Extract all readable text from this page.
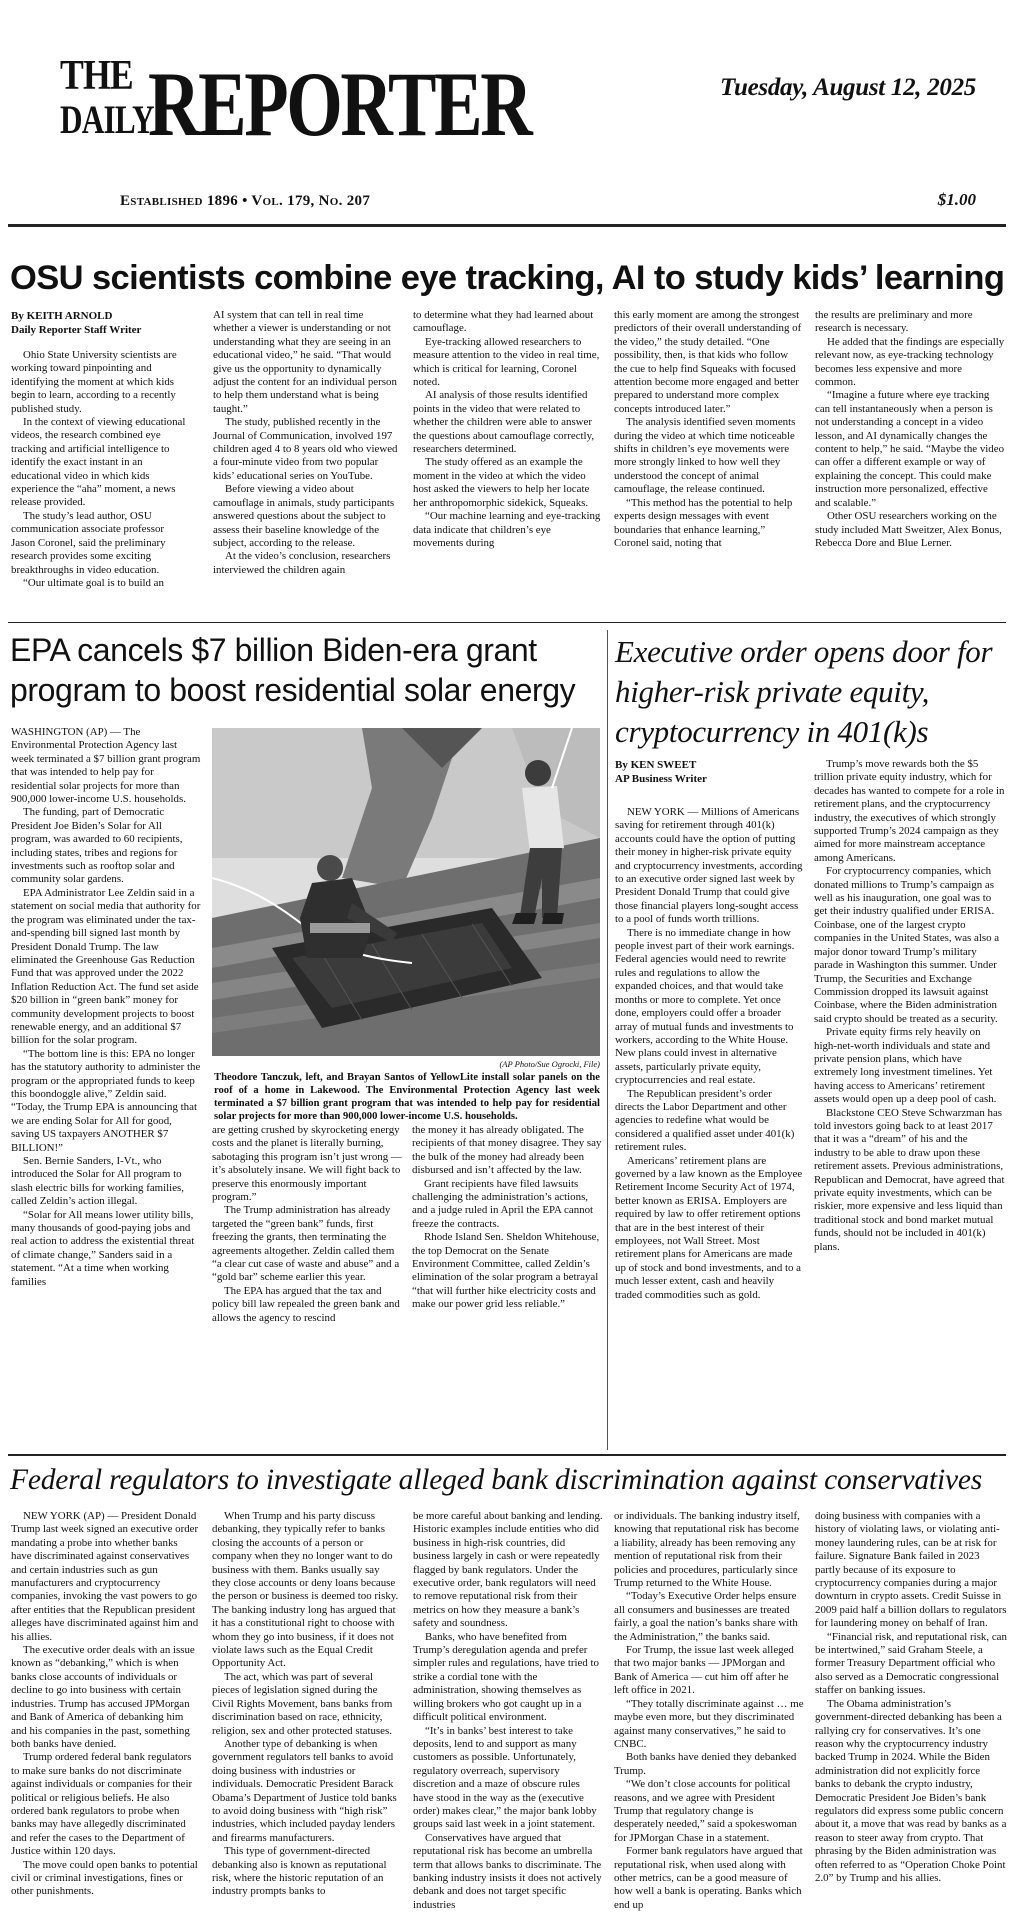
THE
DAILY
REPORTER
Established 1896 • Vol. 179, No. 207
Tuesday, August 12, 2025
$1.00
OSU scientists combine eye tracking, AI to study kids’ learning
By KEITH ARNOLD
Daily Reporter Staff Writer

Ohio State University scientists are working toward pinpointing and identifying the moment at which kids begin to learn, according to a recently published study.

In the context of viewing educational videos, the research combined eye tracking and artificial intelligence to identify the exact instant in an educational video in which kids experience the “aha” moment, a news release provided.

The study’s lead author, OSU communication associate professor Jason Coronel, said the preliminary research provides some exciting breakthroughs in video education.

“Our ultimate goal is to build an

AI system that can tell in real time whether a viewer is understanding or not understanding what they are seeing in an educational video,” he said. “That would give us the opportunity to dynamically adjust the content for an individual person to help them understand what is being taught.”

The study, published recently in the Journal of Communication, involved 197 children aged 4 to 8 years old who viewed a four-minute video from two popular kids’ educational series on YouTube.

Before viewing a video about camouflage in animals, study participants answered questions about the subject to assess their baseline knowledge of the subject, according to the release.

At the video’s conclusion, researchers interviewed the children again

to determine what they had learned about camouflage.

Eye-tracking allowed researchers to measure attention to the video in real time, which is critical for learning, Coronel noted.

AI analysis of those results identified points in the video that were related to whether the children were able to answer the questions about camouflage correctly, researchers determined.

The study offered as an example the moment in the video at which the video host asked the viewers to help her locate her anthropomorphic sidekick, Squeaks.

“Our machine learning and eye-tracking data indicate that children’s eye movements during

this early moment are among the strongest predictors of their overall understanding of the video,” the study detailed. “One possibility, then, is that kids who follow the cue to help find Squeaks with focused attention become more engaged and better prepared to understand more complex concepts introduced later.”

The analysis identified seven moments during the video at which time noticeable shifts in children’s eye movements were more strongly linked to how well they understood the concept of animal camouflage, the release continued.

“This method has the potential to help experts design messages with event boundaries that enhance learning,” Coronel said, noting that

the results are preliminary and more research is necessary.

He added that the findings are especially relevant now, as eye-tracking technology becomes less expensive and more common.

“Imagine a future where eye tracking can tell instantaneously when a person is not understanding a concept in a video lesson, and AI dynamically changes the content to help,” he said. “Maybe the video can offer a different example or way of explaining the concept. This could make instruction more personalized, effective and scalable.”

Other OSU researchers working on the study included Matt Sweitzer, Alex Bonus, Rebecca Dore and Blue Lerner.

EPA cancels $7 billion Biden-era grant program to boost residential solar energy

WASHINGTON (AP) — The Environmental Protection Agency last week terminated a $7 billion grant program that was intended to help pay for residential solar projects for more than 900,000 lower-income U.S. households.

The funding, part of Democratic President Joe Biden’s Solar for All program, was awarded to 60 recipients, including states, tribes and regions for investments such as rooftop solar and community solar gardens.

EPA Administrator Lee Zeldin said in a statement on social media that authority for the program was eliminated under the tax-and-spending bill signed last month by President Donald Trump. The law eliminated the Greenhouse Gas Reduction Fund that was approved under the 2022 Inflation Reduction Act. The fund set aside $20 billion in “green bank” money for community development projects to boost renewable energy, and an additional $7 billion for the solar program.

“The bottom line is this: EPA no longer has the statutory authority to administer the program or the appropriated funds to keep this boondoggle alive,” Zeldin said. “Today, the Trump EPA is announcing that we are ending Solar for All for good, saving US taxpayers ANOTHER $7 BILLION!”

Sen. Bernie Sanders, I-Vt., who introduced the Solar for All program to slash electric bills for working families, called Zeldin’s action illegal.

“Solar for All means lower utility bills, many thousands of good-paying jobs and real action to address the existential threat of climate change,” Sanders said in a statement. “At a time when working families

(AP Photo/Sue Ogrocki, File)
Theodore Tanczuk, left, and Brayan Santos of YellowLite install solar panels on the roof of a home in Lakewood. The Environmental Protection Agency last week terminated a $7 billion grant program that was intended to help pay for residential solar projects for more than 900,000 lower-income U.S. households.

are getting crushed by skyrocketing energy costs and the planet is literally burning, sabotaging this program isn’t just wrong — it’s absolutely insane. We will fight back to preserve this enormously important program.”

The Trump administration has already targeted the “green bank” funds, first freezing the grants, then terminating the agreements altogether. Zeldin called them “a clear cut case of waste and abuse” and a “gold bar” scheme earlier this year.

The EPA has argued that the tax and policy bill law repealed the green bank and allows the agency to rescind

the money it has already obligated. The recipients of that money disagree. They say the bulk of the money had already been disbursed and isn’t affected by the law.

Grant recipients have filed lawsuits challenging the administration’s actions, and a judge ruled in April the EPA cannot freeze the contracts.

Rhode Island Sen. Sheldon Whitehouse, the top Democrat on the Senate Environment Committee, called Zeldin’s elimination of the solar program a betrayal “that will further hike electricity costs and make our power grid less reliable.”

Executive order opens door for higher-risk private equity, cryptocurrency in 401(k)s
By KEN SWEET
AP Business Writer

NEW YORK — Millions of Americans saving for retirement through 401(k) accounts could have the option of putting their money in higher-risk private equity and cryptocurrency investments, according to an executive order signed last week by President Donald Trump that could give those financial players long-sought access to a pool of funds worth trillions.

There is no immediate change in how people invest part of their work earnings. Federal agencies would need to rewrite rules and regulations to allow the expanded choices, and that would take months or more to complete. Yet once done, employers could offer a broader array of mutual funds and investments to workers, according to the White House. New plans could invest in alternative assets, particularly private equity, cryptocurrencies and real estate.

The Republican president’s order directs the Labor Department and other agencies to redefine what would be considered a qualified asset under 401(k) retirement rules.

Americans’ retirement plans are governed by a law known as the Employee Retirement Income Security Act of 1974, better known as ERISA. Employers are required by law to offer retirement options that are in the best interest of their employees, not Wall Street. Most retirement plans for Americans are made up of stock and bond investments, and to a much lesser extent, cash and heavily traded commodities such as gold.

Trump’s move rewards both the $5 trillion private equity industry, which for decades has wanted to compete for a role in retirement plans, and the cryptocurrency industry, the executives of which strongly supported Trump’s 2024 campaign as they aimed for more mainstream acceptance among Americans.

For cryptocurrency companies, which donated millions to Trump’s campaign as well as his inauguration, one goal was to get their industry qualified under ERISA. Coinbase, one of the largest crypto companies in the United States, was also a major donor toward Trump’s military parade in Washington this summer. Under Trump, the Securities and Exchange Commission dropped its lawsuit against Coinbase, where the Biden administration said crypto should be treated as a security.

Private equity firms rely heavily on high-net-worth individuals and state and private pension plans, which have extremely long investment timelines. Yet having access to Americans’ retirement assets would open up a deep pool of cash.

Blackstone CEO Steve Schwarzman has told investors going back to at least 2017 that it was a “dream” of his and the industry to be able to draw upon these retirement assets. Previous administrations, Republican and Democrat, have agreed that private equity investments, which can be riskier, more expensive and less liquid than traditional stock and bond market mutual funds, should not be included in 401(k) plans.

Federal regulators to investigate alleged bank discrimination against conservatives

NEW YORK (AP) — President Donald Trump last week signed an executive order mandating a probe into whether banks have discriminated against conservatives and certain industries such as gun manufacturers and cryptocurrency companies, invoking the vast powers to go after entities that the Republican president alleges have discriminated against him and his allies.

The executive order deals with an issue known as “debanking,” which is when banks close accounts of individuals or decline to go into business with certain industries. Trump has accused JPMorgan and Bank of America of debanking him and his companies in the past, something both banks have denied.

Trump ordered federal bank regulators to make sure banks do not discriminate against individuals or companies for their political or religious beliefs. He also ordered bank regulators to probe when banks may have allegedly discriminated and refer the cases to the Department of Justice within 120 days.

The move could open banks to potential civil or criminal investigations, fines or other punishments.

When Trump and his party discuss debanking, they typically refer to banks closing the accounts of a person or company when they no longer want to do business with them. Banks usually say they close accounts or deny loans because the person or business is deemed too risky. The banking industry long has argued that it has a constitutional right to choose with whom they go into business, if it does not violate laws such as the Equal Credit Opportunity Act.

The act, which was part of several pieces of legislation signed during the Civil Rights Movement, bans banks from discrimination based on race, ethnicity, religion, sex and other protected statuses.

Another type of debanking is when government regulators tell banks to avoid doing business with industries or individuals. Democratic President Barack Obama’s Department of Justice told banks to avoid doing business with “high risk” industries, which included payday lenders and firearms manufacturers.

This type of government-directed debanking also is known as reputational risk, where the historic reputation of an industry prompts banks to

be more careful about banking and lending. Historic examples include entities who did business in high-risk countries, did business largely in cash or were repeatedly flagged by bank regulators. Under the executive order, bank regulators will need to remove reputational risk from their metrics on how they measure a bank’s safety and soundness.

Banks, who have benefited from Trump’s deregulation agenda and prefer simpler rules and regulations, have tried to strike a cordial tone with the administration, showing themselves as willing brokers who got caught up in a difficult political environment.

“It’s in banks’ best interest to take deposits, lend to and support as many customers as possible. Unfortunately, regulatory overreach, supervisory discretion and a maze of obscure rules have stood in the way as the (executive order) makes clear,” the major bank lobby groups said last week in a joint statement.

Conservatives have argued that reputational risk has become an umbrella term that allows banks to discriminate. The banking industry insists it does not actively debank and does not target specific industries

or individuals. The banking industry itself, knowing that reputational risk has become a liability, already has been removing any mention of reputational risk from their policies and procedures, particularly since Trump returned to the White House.

“Today’s Executive Order helps ensure all consumers and businesses are treated fairly, a goal the nation’s banks share with the Administration,” the banks said.

For Trump, the issue last week alleged that two major banks — JPMorgan and Bank of America — cut him off after he left office in 2021.

“They totally discriminate against … me maybe even more, but they discriminated against many conservatives,” he said to CNBC.

Both banks have denied they debanked Trump.

“We don’t close accounts for political reasons, and we agree with President Trump that regulatory change is desperately needed,” said a spokeswoman for JPMorgan Chase in a statement.

Former bank regulators have argued that reputational risk, when used along with other metrics, can be a good measure of how well a bank is operating. Banks which end up

doing business with companies with a history of violating laws, or violating anti-money laundering rules, can be at risk for failure. Signature Bank failed in 2023 partly because of its exposure to cryptocurrency companies during a major downturn in crypto assets. Credit Suisse in 2009 paid half a billion dollars to regulators for laundering money on behalf of Iran.

“Financial risk, and reputational risk, can be intertwined,” said Graham Steele, a former Treasury Department official who also served as a Democratic congressional staffer on banking issues.

The Obama administration’s government-directed debanking has been a rallying cry for conservatives. It’s one reason why the cryptocurrency industry backed Trump in 2024. While the Biden administration did not explicitly force banks to debank the crypto industry, Democratic President Joe Biden’s bank regulators did express some public concern about it, a move that was read by banks as a reason to steer away from crypto. That phrasing by the Biden administration was often referred to as “Operation Choke Point 2.0” by Trump and his allies.
